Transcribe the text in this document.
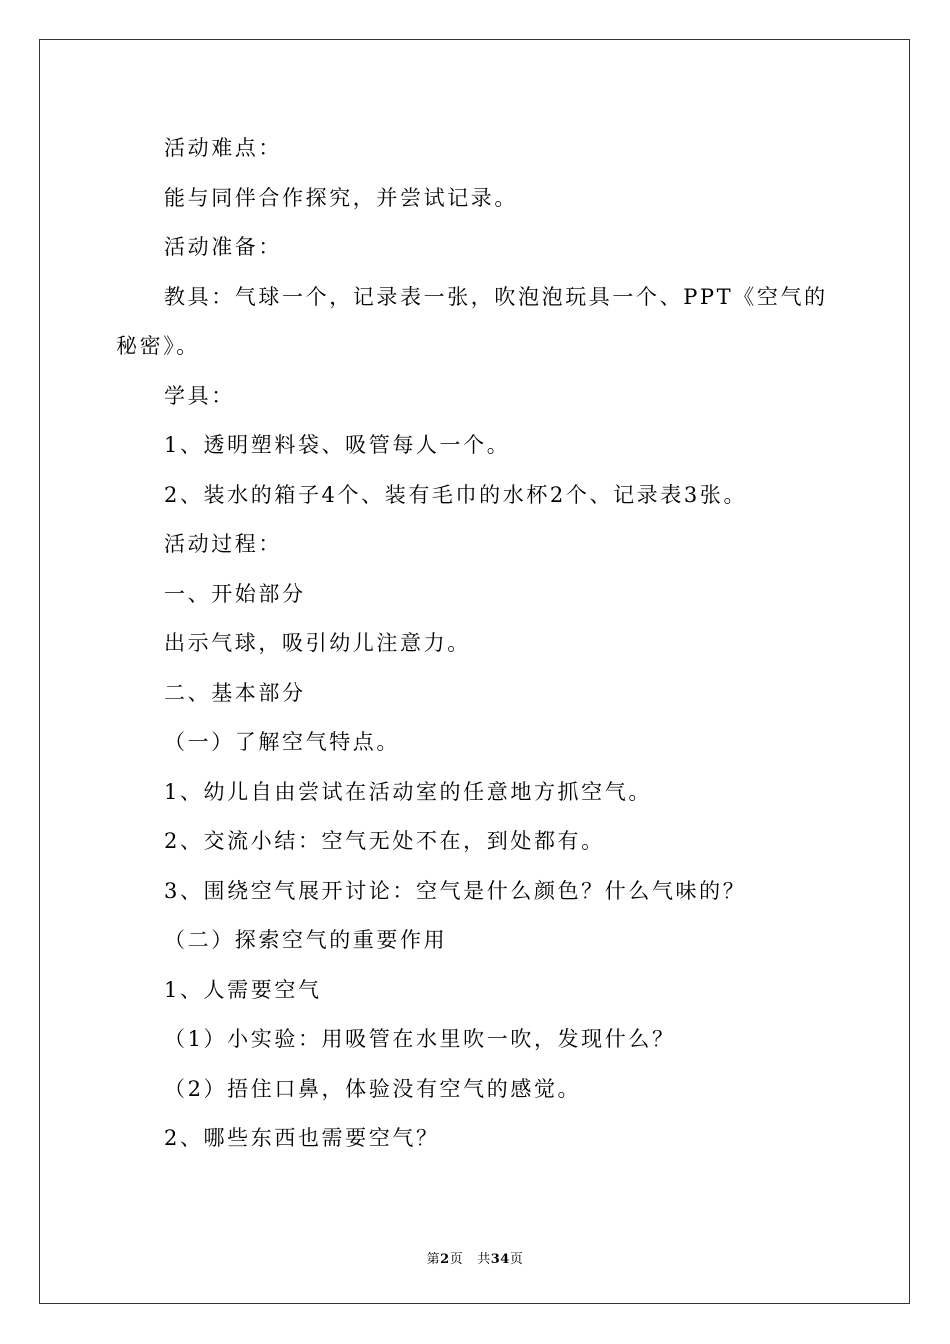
活动难点：

能与同伴合作探究，并尝试记录。

活动准备：

教具：气球一个，记录表一张，吹泡泡玩具一个、PPT《空气的秘密》。

学具：

1、透明塑料袋、吸管每人一个。

2、装水的箱子4个、装有毛巾的水杯2个、记录表3张。

活动过程：

一、开始部分

出示气球，吸引幼儿注意力。

二、基本部分

（一）了解空气特点。

1、幼儿自由尝试在活动室的任意地方抓空气。

2、交流小结：空气无处不在，到处都有。

3、围绕空气展开讨论：空气是什么颜色？什么气味的？

（二）探索空气的重要作用

1、人需要空气

（1）小实验：用吸管在水里吹一吹，发现什么？

（2）捂住口鼻，体验没有空气的感觉。

2、哪些东西也需要空气？

第2页 共34页
